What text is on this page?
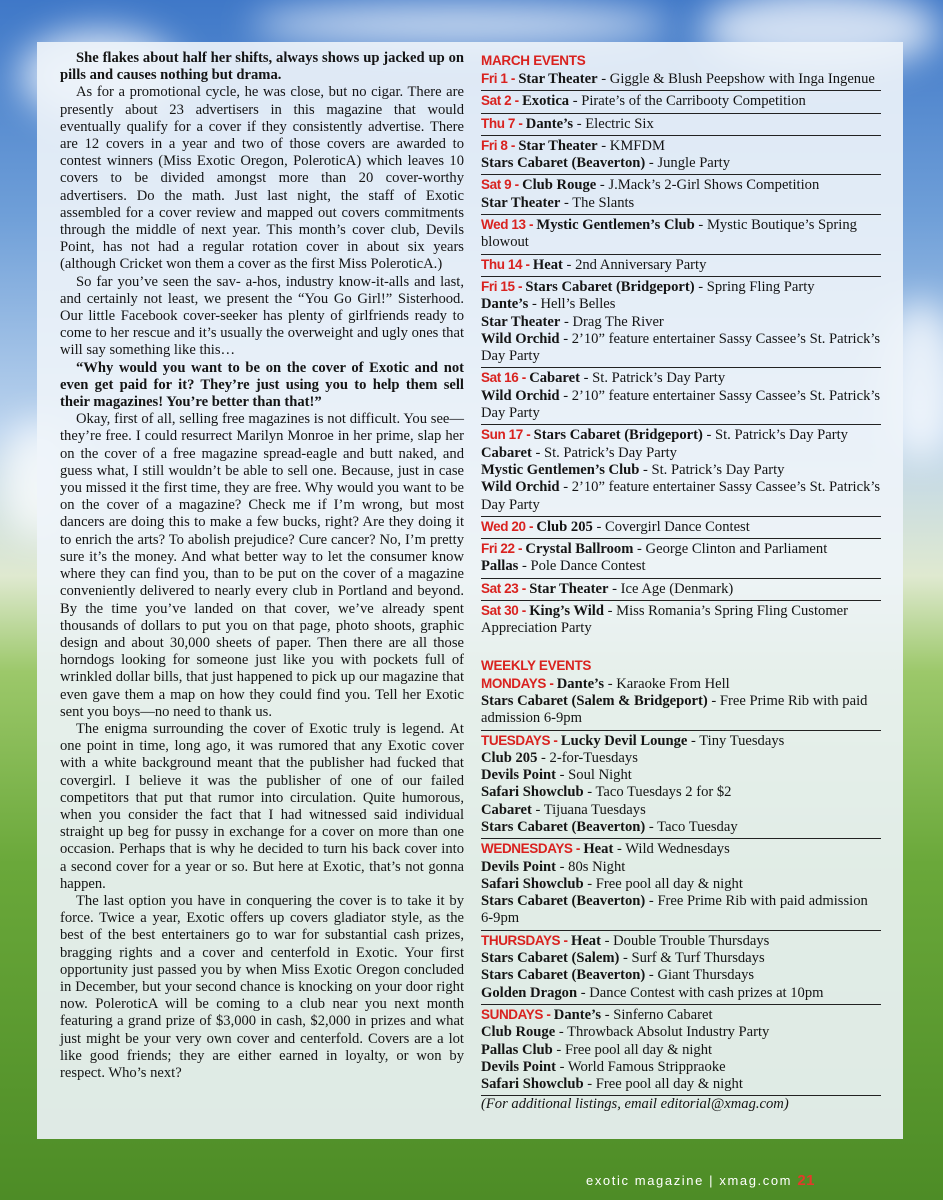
She flakes about half her shifts, always shows up jacked up on pills and causes nothing but drama.

As for a promotional cycle, he was close, but no cigar. There are presently about 23 advertisers in this magazine that would eventually qualify for a cover if they consistently advertise. There are 12 covers in a year and two of those covers are awarded to contest winners (Miss Exotic Oregon, PoleroticA) which leaves 10 covers to be divided amongst more than 20 cover-worthy advertisers. Do the math. Just last night, the staff of Exotic assembled for a cover review and mapped out covers commitments through the middle of next year. This month’s cover club, Devils Point, has not had a regular rotation cover in about six years (although Cricket won them a cover as the first Miss PoleroticA.)

So far you’ve seen the sav- a-hos, industry know-it-alls and last, and certainly not least, we present the “You Go Girl!” Sisterhood. Our little Facebook cover-seeker has plenty of girlfriends ready to come to her rescue and it’s usually the overweight and ugly ones that will say something like this…

“Why would you want to be on the cover of Exotic and not even get paid for it? They’re just using you to help them sell their magazines! You’re better than that!”

Okay, first of all, selling free magazines is not difficult. You see—they’re free. I could resurrect Marilyn Monroe in her prime, slap her on the cover of a free magazine spread-eagle and butt naked, and guess what, I still wouldn’t be able to sell one. Because, just in case you missed it the first time, they are free. Why would you want to be on the cover of a magazine? Check me if I’m wrong, but most dancers are doing this to make a few bucks, right? Are they doing it to enrich the arts? To abolish prejudice? Cure cancer? No, I’m pretty sure it’s the money. And what better way to let the consumer know where they can find you, than to be put on the cover of a magazine conveniently delivered to nearly every club in Portland and beyond. By the time you’ve landed on that cover, we’ve already spent thousands of dollars to put you on that page, photo shoots, graphic design and about 30,000 sheets of paper. Then there are all those horndogs looking for someone just like you with pockets full of wrinkled dollar bills, that just happened to pick up our magazine that even gave them a map on how they could find you. Tell her Exotic sent you boys—no need to thank us.

The enigma surrounding the cover of Exotic truly is legend. At one point in time, long ago, it was rumored that any Exotic cover with a white background meant that the publisher had fucked that covergirl. I believe it was the publisher of one of our failed competitors that put that rumor into circulation. Quite humorous, when you consider the fact that I had witnessed said individual straight up beg for pussy in exchange for a cover on more than one occasion. Perhaps that is why he decided to turn his back cover into a second cover for a year or so. But here at Exotic, that’s not gonna happen.

The last option you have in conquering the cover is to take it by force. Twice a year, Exotic offers up covers gladiator style, as the best of the best entertainers go to war for substantial cash prizes, bragging rights and a cover and centerfold in Exotic. Your first opportunity just passed you by when Miss Exotic Oregon concluded in December, but your second chance is knocking on your door right now. PoleroticA will be coming to a club near you next month featuring a grand prize of $3,000 in cash, $2,000 in prizes and what just might be your very own cover and centerfold. Covers are a lot like good friends; they are either earned in loyalty, or won by respect. Who’s next?

MARCH EVENTS
Fri 1 - Star Theater - Giggle & Blush Peepshow with Inga Ingenue
Sat 2 - Exotica - Pirate’s of the Carribooty Competition
Thu 7 - Dante’s - Electric Six
Fri 8 - Star Theater - KMFDM
Stars Cabaret (Beaverton) - Jungle Party
Sat 9 - Club Rouge - J.Mack’s 2-Girl Shows Competition
Star Theater - The Slants
Wed 13 - Mystic Gentlemen’s Club - Mystic Boutique’s Spring blowout
Thu 14 - Heat - 2nd Anniversary Party
Fri 15 - Stars Cabaret (Bridgeport) - Spring Fling Party
Dante’s - Hell’s Belles
Star Theater - Drag The River
Wild Orchid - 2’10” feature entertainer Sassy Cassee’s St. Patrick’s Day Party
Sat 16 - Cabaret - St. Patrick’s Day Party
Wild Orchid - 2’10” feature entertainer Sassy Cassee’s St. Patrick’s Day Party
Sun 17 - Stars Cabaret (Bridgeport) - St. Patrick’s Day Party
Cabaret - St. Patrick’s Day Party
Mystic Gentlemen’s Club - St. Patrick’s Day Party
Wild Orchid - 2’10” feature entertainer Sassy Cassee’s St. Patrick’s Day Party
Wed 20 - Club 205 - Covergirl Dance Contest
Fri 22 - Crystal Ballroom - George Clinton and Parliament
Pallas - Pole Dance Contest
Sat 23 - Star Theater - Ice Age (Denmark)
Sat 30 - King’s Wild - Miss Romania’s Spring Fling Customer Appreciation Party
WEEKLY EVENTS
MONDAYS - Dante’s - Karaoke From Hell
Stars Cabaret (Salem & Bridgeport) - Free Prime Rib with paid admission 6-9pm
TUESDAYS - Lucky Devil Lounge - Tiny Tuesdays
Club 205 - 2-for-Tuesdays
Devils Point - Soul Night
Safari Showclub - Taco Tuesdays 2 for $2
Cabaret - Tijuana Tuesdays
Stars Cabaret (Beaverton) - Taco Tuesday
WEDNESDAYS - Heat - Wild Wednesdays
Devils Point - 80s Night
Safari Showclub - Free pool all day & night
Stars Cabaret (Beaverton) - Free Prime Rib with paid admission 6-9pm
THURSDAYS - Heat - Double Trouble Thursdays
Stars Cabaret (Salem) - Surf & Turf Thursdays
Stars Cabaret (Beaverton) - Giant Thursdays
Golden Dragon - Dance Contest with cash prizes at 10pm
SUNDAYS - Dante’s - Sinferno Cabaret
Club Rouge - Throwback Absolut Industry Party
Pallas Club - Free pool all day & night
Devils Point - World Famous Strippraoke
Safari Showclub - Free pool all day & night
(For additional listings, email editorial@xmag.com)
exotic magazine | xmag.com 21
